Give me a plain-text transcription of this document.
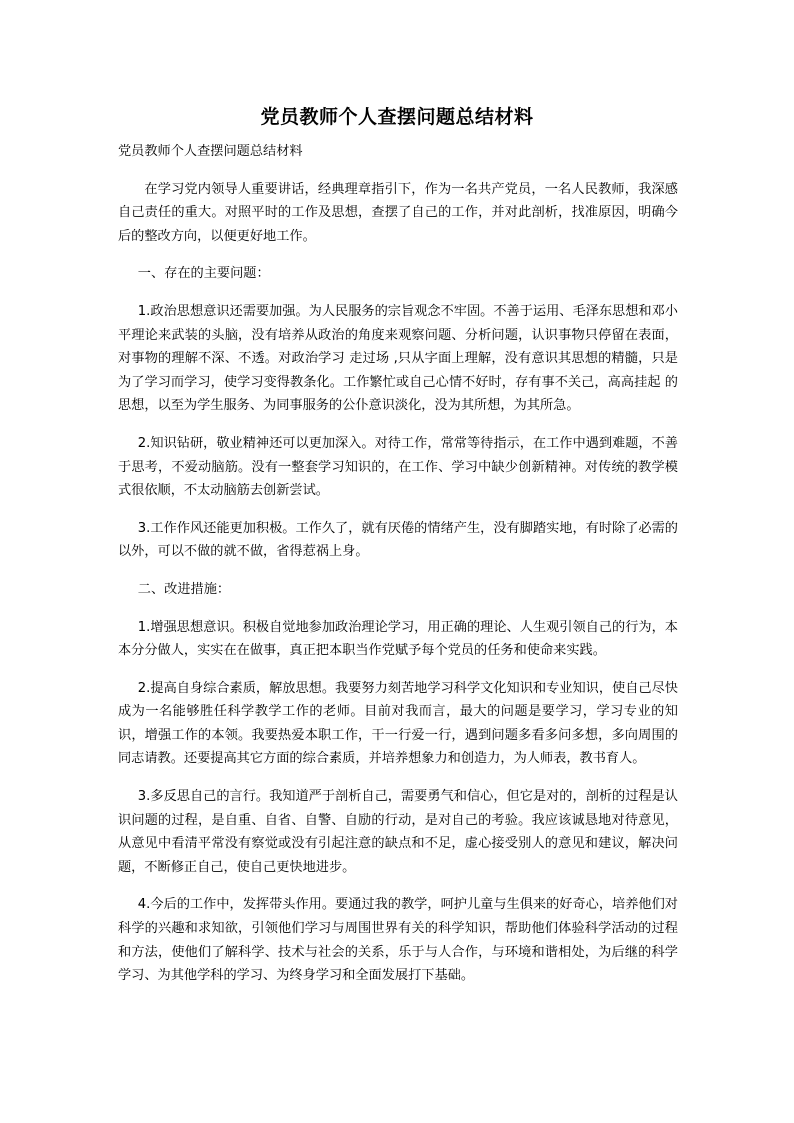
党员教师个人查摆问题总结材料

党员教师个人查摆问题总结材料

在学习党内领导人重要讲话，经典理章指引下，作为一名共产党员，一名人民教师，我深感自己责任的重大。对照平时的工作及思想，查摆了自己的工作，并对此剖析，找准原因，明确今后的整改方向，以便更好地工作。

一、存在的主要问题：

1.政治思想意识还需要加强。为人民服务的宗旨观念不牢固。不善于运用、毛泽东思想和邓小平理论来武装的头脑，没有培养从政治的角度来观察问题、分析问题，认识事物只停留在表面，对事物的理解不深、不透。对政治学习 走过场 ,只从字面上理解，没有意识其思想的精髓，只是为了学习而学习，使学习变得教条化。工作繁忙或自己心情不好时，存有事不关己，高高挂起 的思想，以至为学生服务、为同事服务的公仆意识淡化，没为其所想，为其所急。

2.知识钻研，敬业精神还可以更加深入。对待工作，常常等待指示，在工作中遇到难题，不善于思考，不爱动脑筋。没有一整套学习知识的，在工作、学习中缺少创新精神。对传统的教学模式很依顺，不太动脑筋去创新尝试。

3.工作作风还能更加积极。工作久了，就有厌倦的情绪产生，没有脚踏实地，有时除了必需的以外，可以不做的就不做，省得惹祸上身。

二、改进措施：

1.增强思想意识。积极自觉地参加政治理论学习，用正确的理论、人生观引领自己的行为，本本分分做人，实实在在做事，真正把本职当作党赋予每个党员的任务和使命来实践。

2.提高自身综合素质，解放思想。我要努力刻苦地学习科学文化知识和专业知识，使自己尽快成为一名能够胜任科学教学工作的老师。目前对我而言，最大的问题是要学习，学习专业的知识，增强工作的本领。我要热爱本职工作，干一行爱一行，遇到问题多看多问多想，多向周围的同志请教。还要提高其它方面的综合素质，并培养想象力和创造力，为人师表，教书育人。

3.多反思自己的言行。我知道严于剖析自己，需要勇气和信心，但它是对的，剖析的过程是认识问题的过程，是自重、自省、自警、自励的行动，是对自己的考验。我应该诚恳地对待意见，从意见中看清平常没有察觉或没有引起注意的缺点和不足，虚心接受别人的意见和建议，解决问题，不断修正自己，使自己更快地进步。

4.今后的工作中，发挥带头作用。要通过我的教学，呵护儿童与生俱来的好奇心，培养他们对科学的兴趣和求知欲，引领他们学习与周围世界有关的科学知识，帮助他们体验科学活动的过程和方法，使他们了解科学、技术与社会的关系，乐于与人合作，与环境和谐相处，为后继的科学学习、为其他学科的学习、为终身学习和全面发展打下基础。
